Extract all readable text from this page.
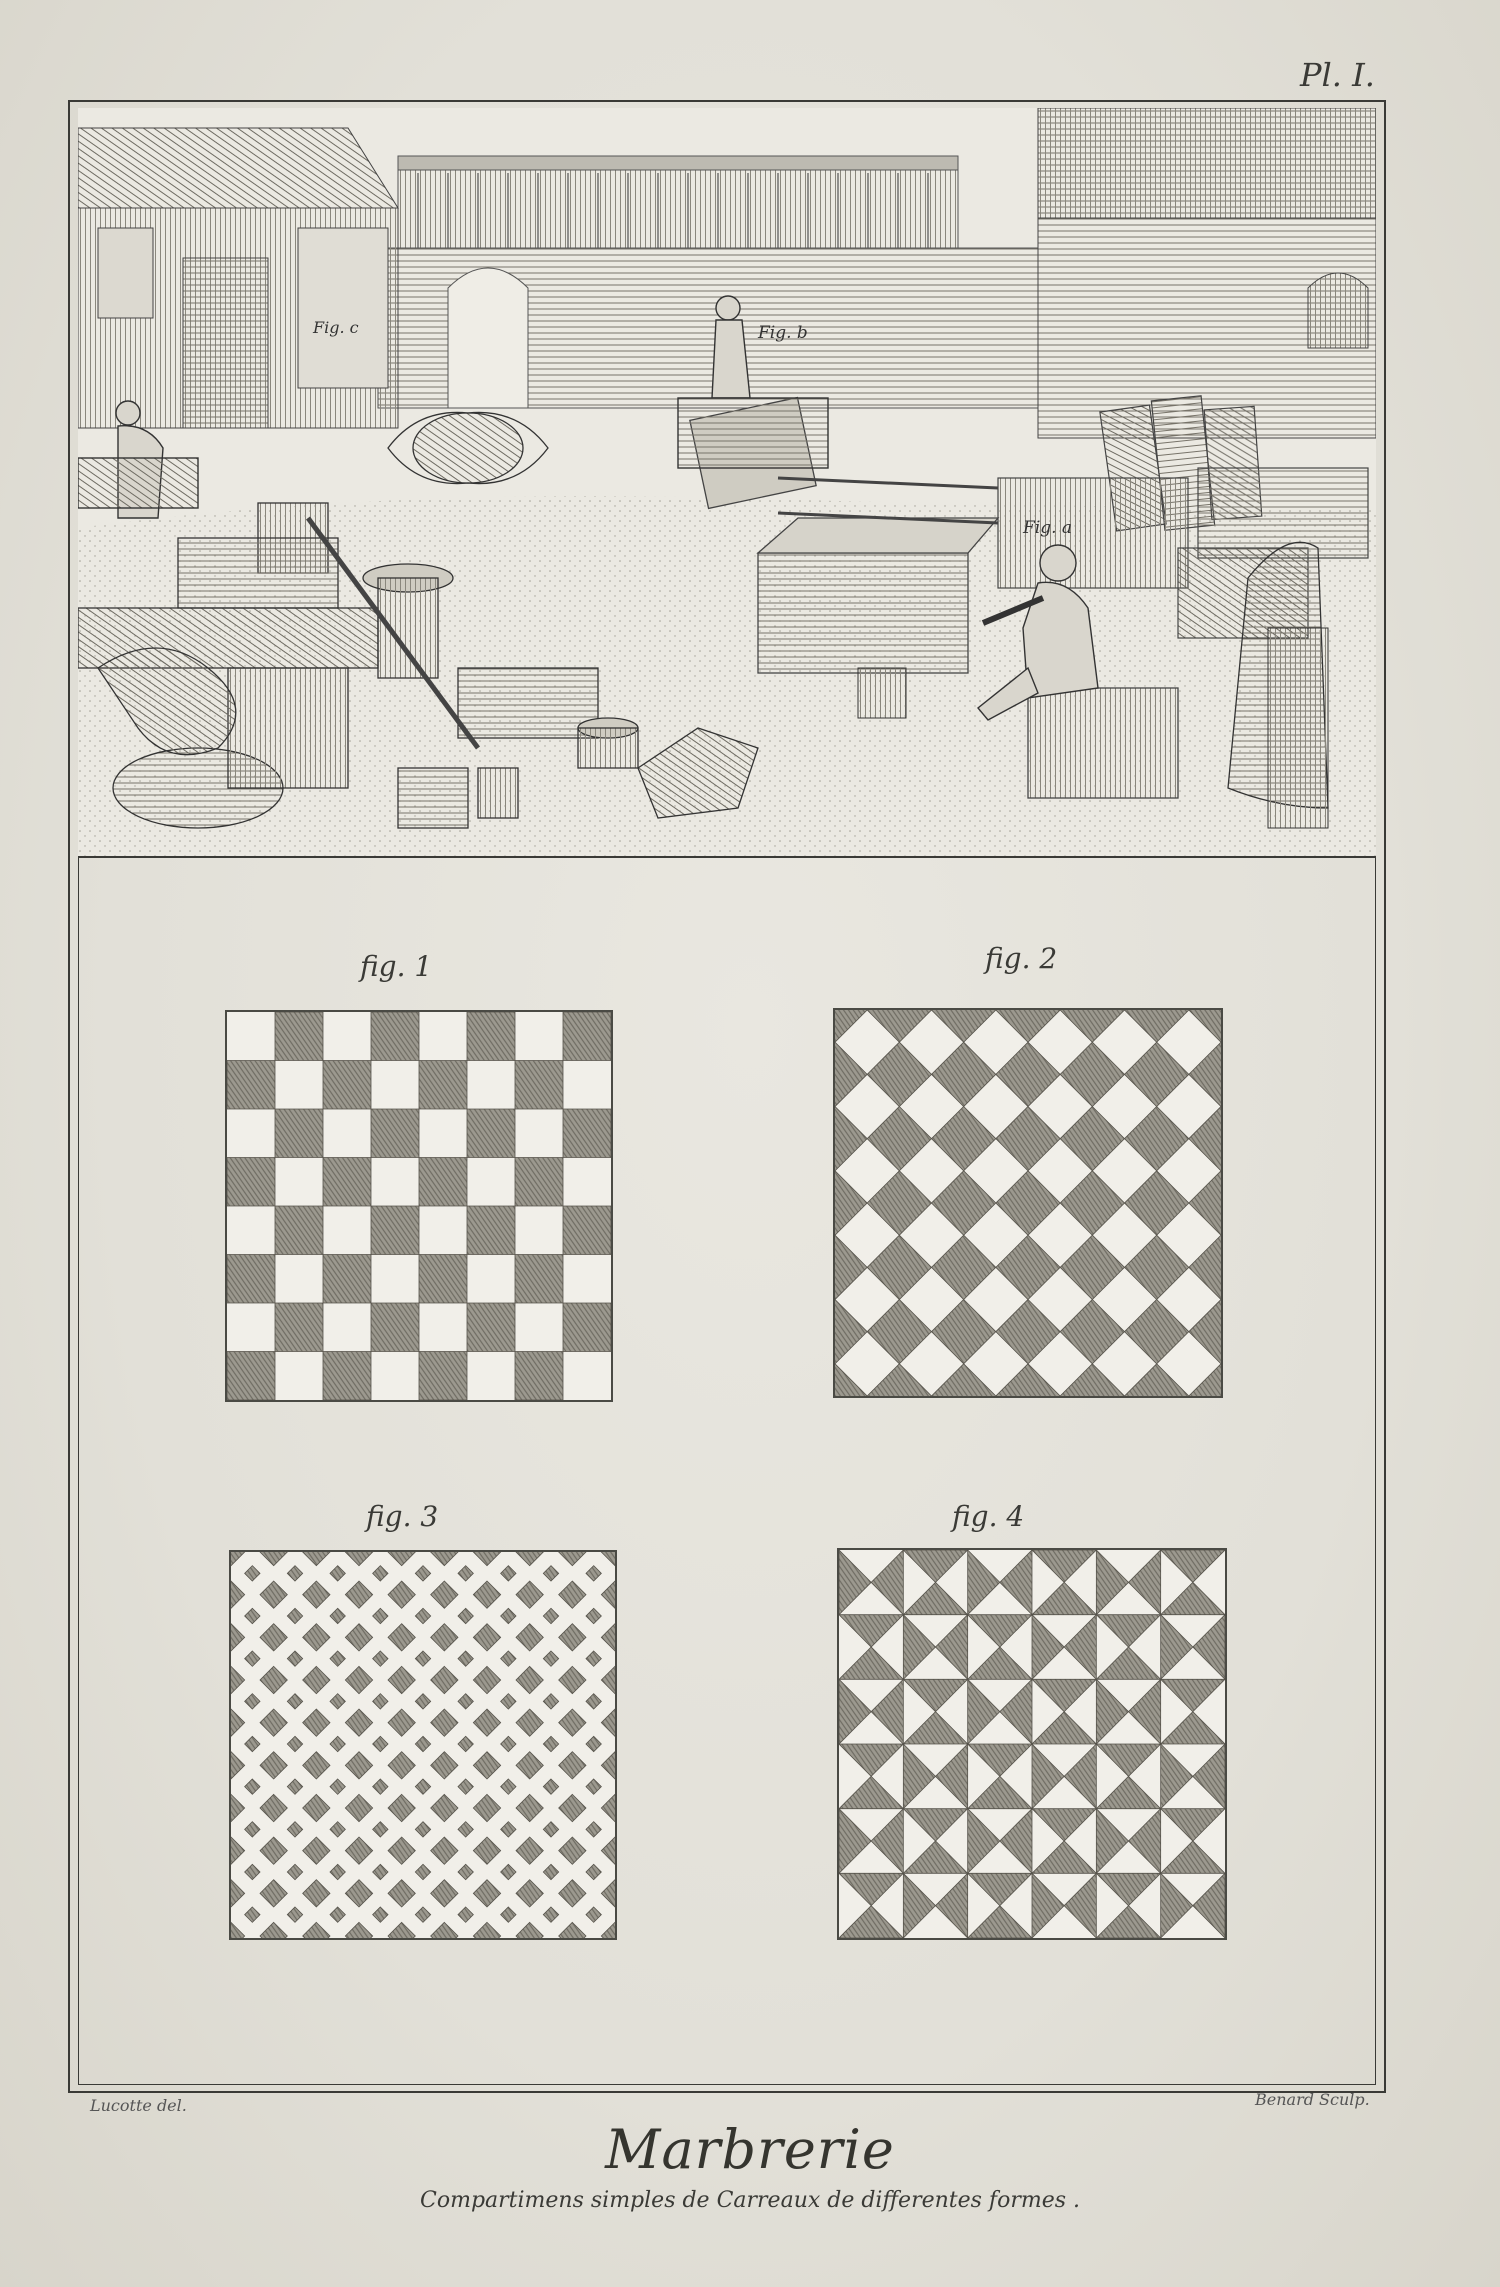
Pl. I.
Fig. b
Fig. a
Fig. c
fig. 1	fig. 2
fig. 3	fig. 4
Lucotte del.	Benard Sculp.
Marbrerie
Compartimens simples de Carreaux de differentes formes .
